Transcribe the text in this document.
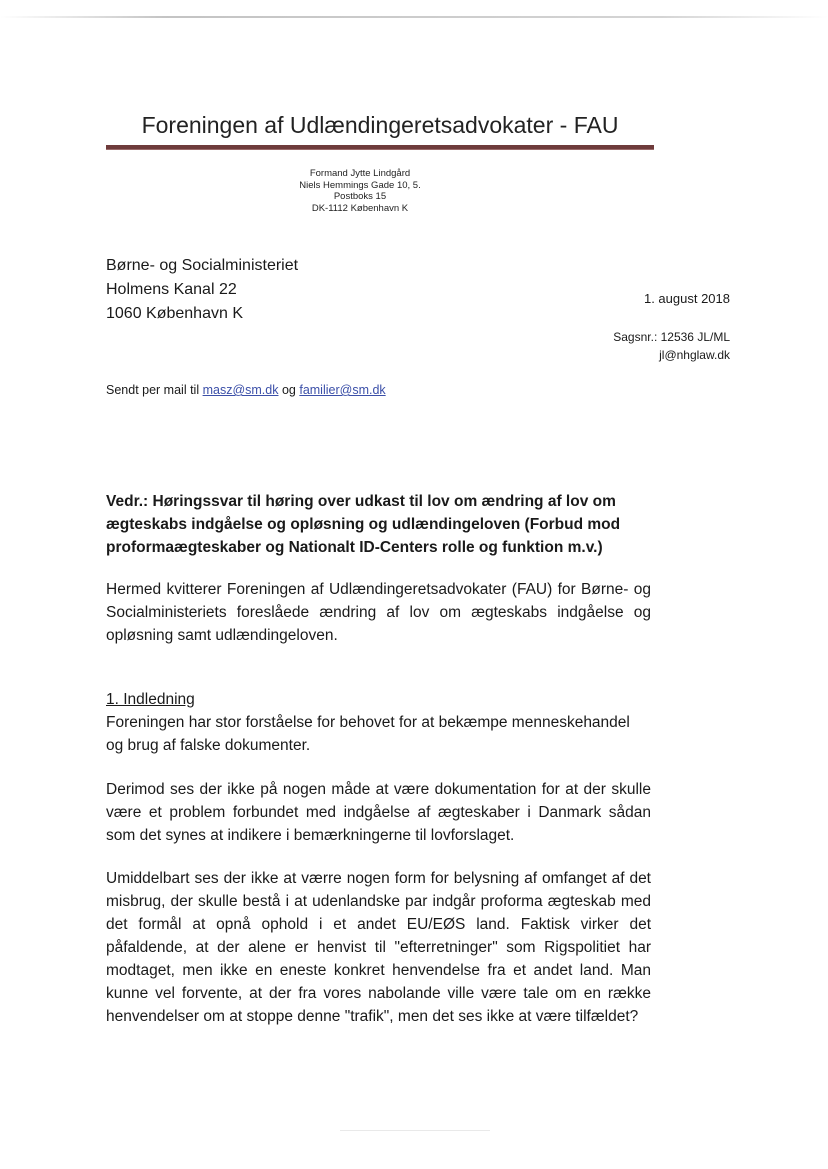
Foreningen af Udlændingeretsadvokater - FAU
Formand Jytte Lindgård
Niels Hemmings Gade 10, 5.
Postboks 15
DK-1112 København K
Børne- og Socialministeriet
Holmens Kanal 22
1060 København K
1. august 2018
Sagsnr.: 12536 JL/ML
jl@nhglaw.dk
Sendt per mail til masz@sm.dk og familier@sm.dk
Vedr.: Høringssvar til høring over udkast til lov om ændring af lov om ægteskabs indgåelse og opløsning og udlændingeloven (Forbud mod proformaægteskaber og Nationalt ID-Centers rolle og funktion m.v.)
Hermed kvitterer Foreningen af Udlændingeretsadvokater (FAU) for Børne- og Socialministeriets foreslåede ændring af lov om ægteskabs indgåelse og opløsning samt udlændingeloven.
1. Indledning
Foreningen har stor forståelse for behovet for at bekæmpe menneskehandel og brug af falske dokumenter.
Derimod ses der ikke på nogen måde at være dokumentation for at der skulle være et problem forbundet med indgåelse af ægteskaber i Danmark sådan som det synes at indikere i bemærkningerne til lovforslaget.
Umiddelbart ses der ikke at værre nogen form for belysning af omfanget af det misbrug, der skulle bestå i at udenlandske par indgår proforma ægteskab med det formål at opnå ophold i et andet EU/EØS land. Faktisk virker det påfaldende, at der alene er henvist til "efterretninger" som Rigspolitiet har modtaget, men ikke en eneste konkret henvendelse fra et andet land. Man kunne vel forvente, at der fra vores nabolande ville være tale om en række henvendelser om at stoppe denne "trafik", men det ses ikke at være tilfældet?
